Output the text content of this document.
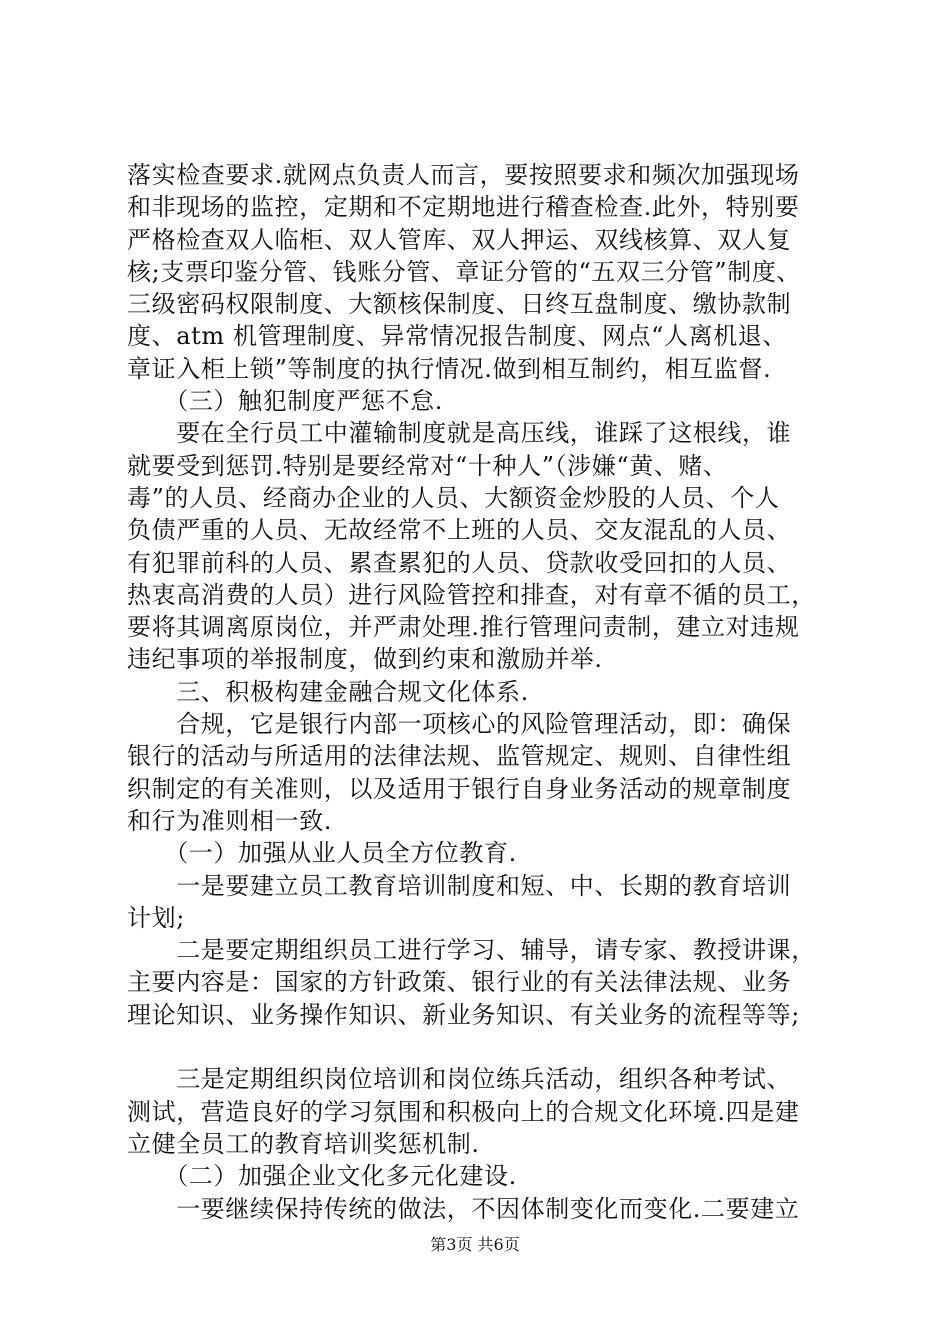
落实检查要求.就网点负责人而言，要按照要求和频次加强现场
和非现场的监控，定期和不定期地进行稽查检查.此外，特别要
严格检查双人临柜、双人管库、双人押运、双线核算、双人复
核;支票印鉴分管、钱账分管、章证分管的“五双三分管”制度、
三级密码权限制度、大额核保制度、日终互盘制度、缴协款制
度、atm 机管理制度、异常情况报告制度、网点“人离机退、
章证入柜上锁”等制度的执行情况.做到相互制约，相互监督.
　　（三）触犯制度严惩不怠.
　　要在全行员工中灌输制度就是高压线，谁踩了这根线，谁
就要受到惩罚.特别是要经常对“十种人”（涉嫌“黄、赌、
毒”的人员、经商办企业的人员、大额资金炒股的人员、个人
负债严重的人员、无故经常不上班的人员、交友混乱的人员、
有犯罪前科的人员、累查累犯的人员、贷款收受回扣的人员、
热衷高消费的人员）进行风险管控和排查，对有章不循的员工，
要将其调离原岗位，并严肃处理.推行管理问责制，建立对违规
违纪事项的举报制度，做到约束和激励并举.
　　三、积极构建金融合规文化体系.
　　合规，它是银行内部一项核心的风险管理活动，即：确保
银行的活动与所适用的法律法规、监管规定、规则、自律性组
织制定的有关准则，以及适用于银行自身业务活动的规章制度
和行为准则相一致.
　　（一）加强从业人员全方位教育.
　　一是要建立员工教育培训制度和短、中、长期的教育培训
计划;
　　二是要定期组织员工进行学习、辅导，请专家、教授讲课，
主要内容是：国家的方针政策、银行业的有关法律法规、业务
理论知识、业务操作知识、新业务知识、有关业务的流程等等;
　　三是定期组织岗位培训和岗位练兵活动，组织各种考试、
测试，营造良好的学习氛围和积极向上的合规文化环境.四是建
立健全员工的教育培训奖惩机制.
　　（二）加强企业文化多元化建设.
　　一要继续保持传统的做法，不因体制变化而变化.二要建立
第3页 共6页
